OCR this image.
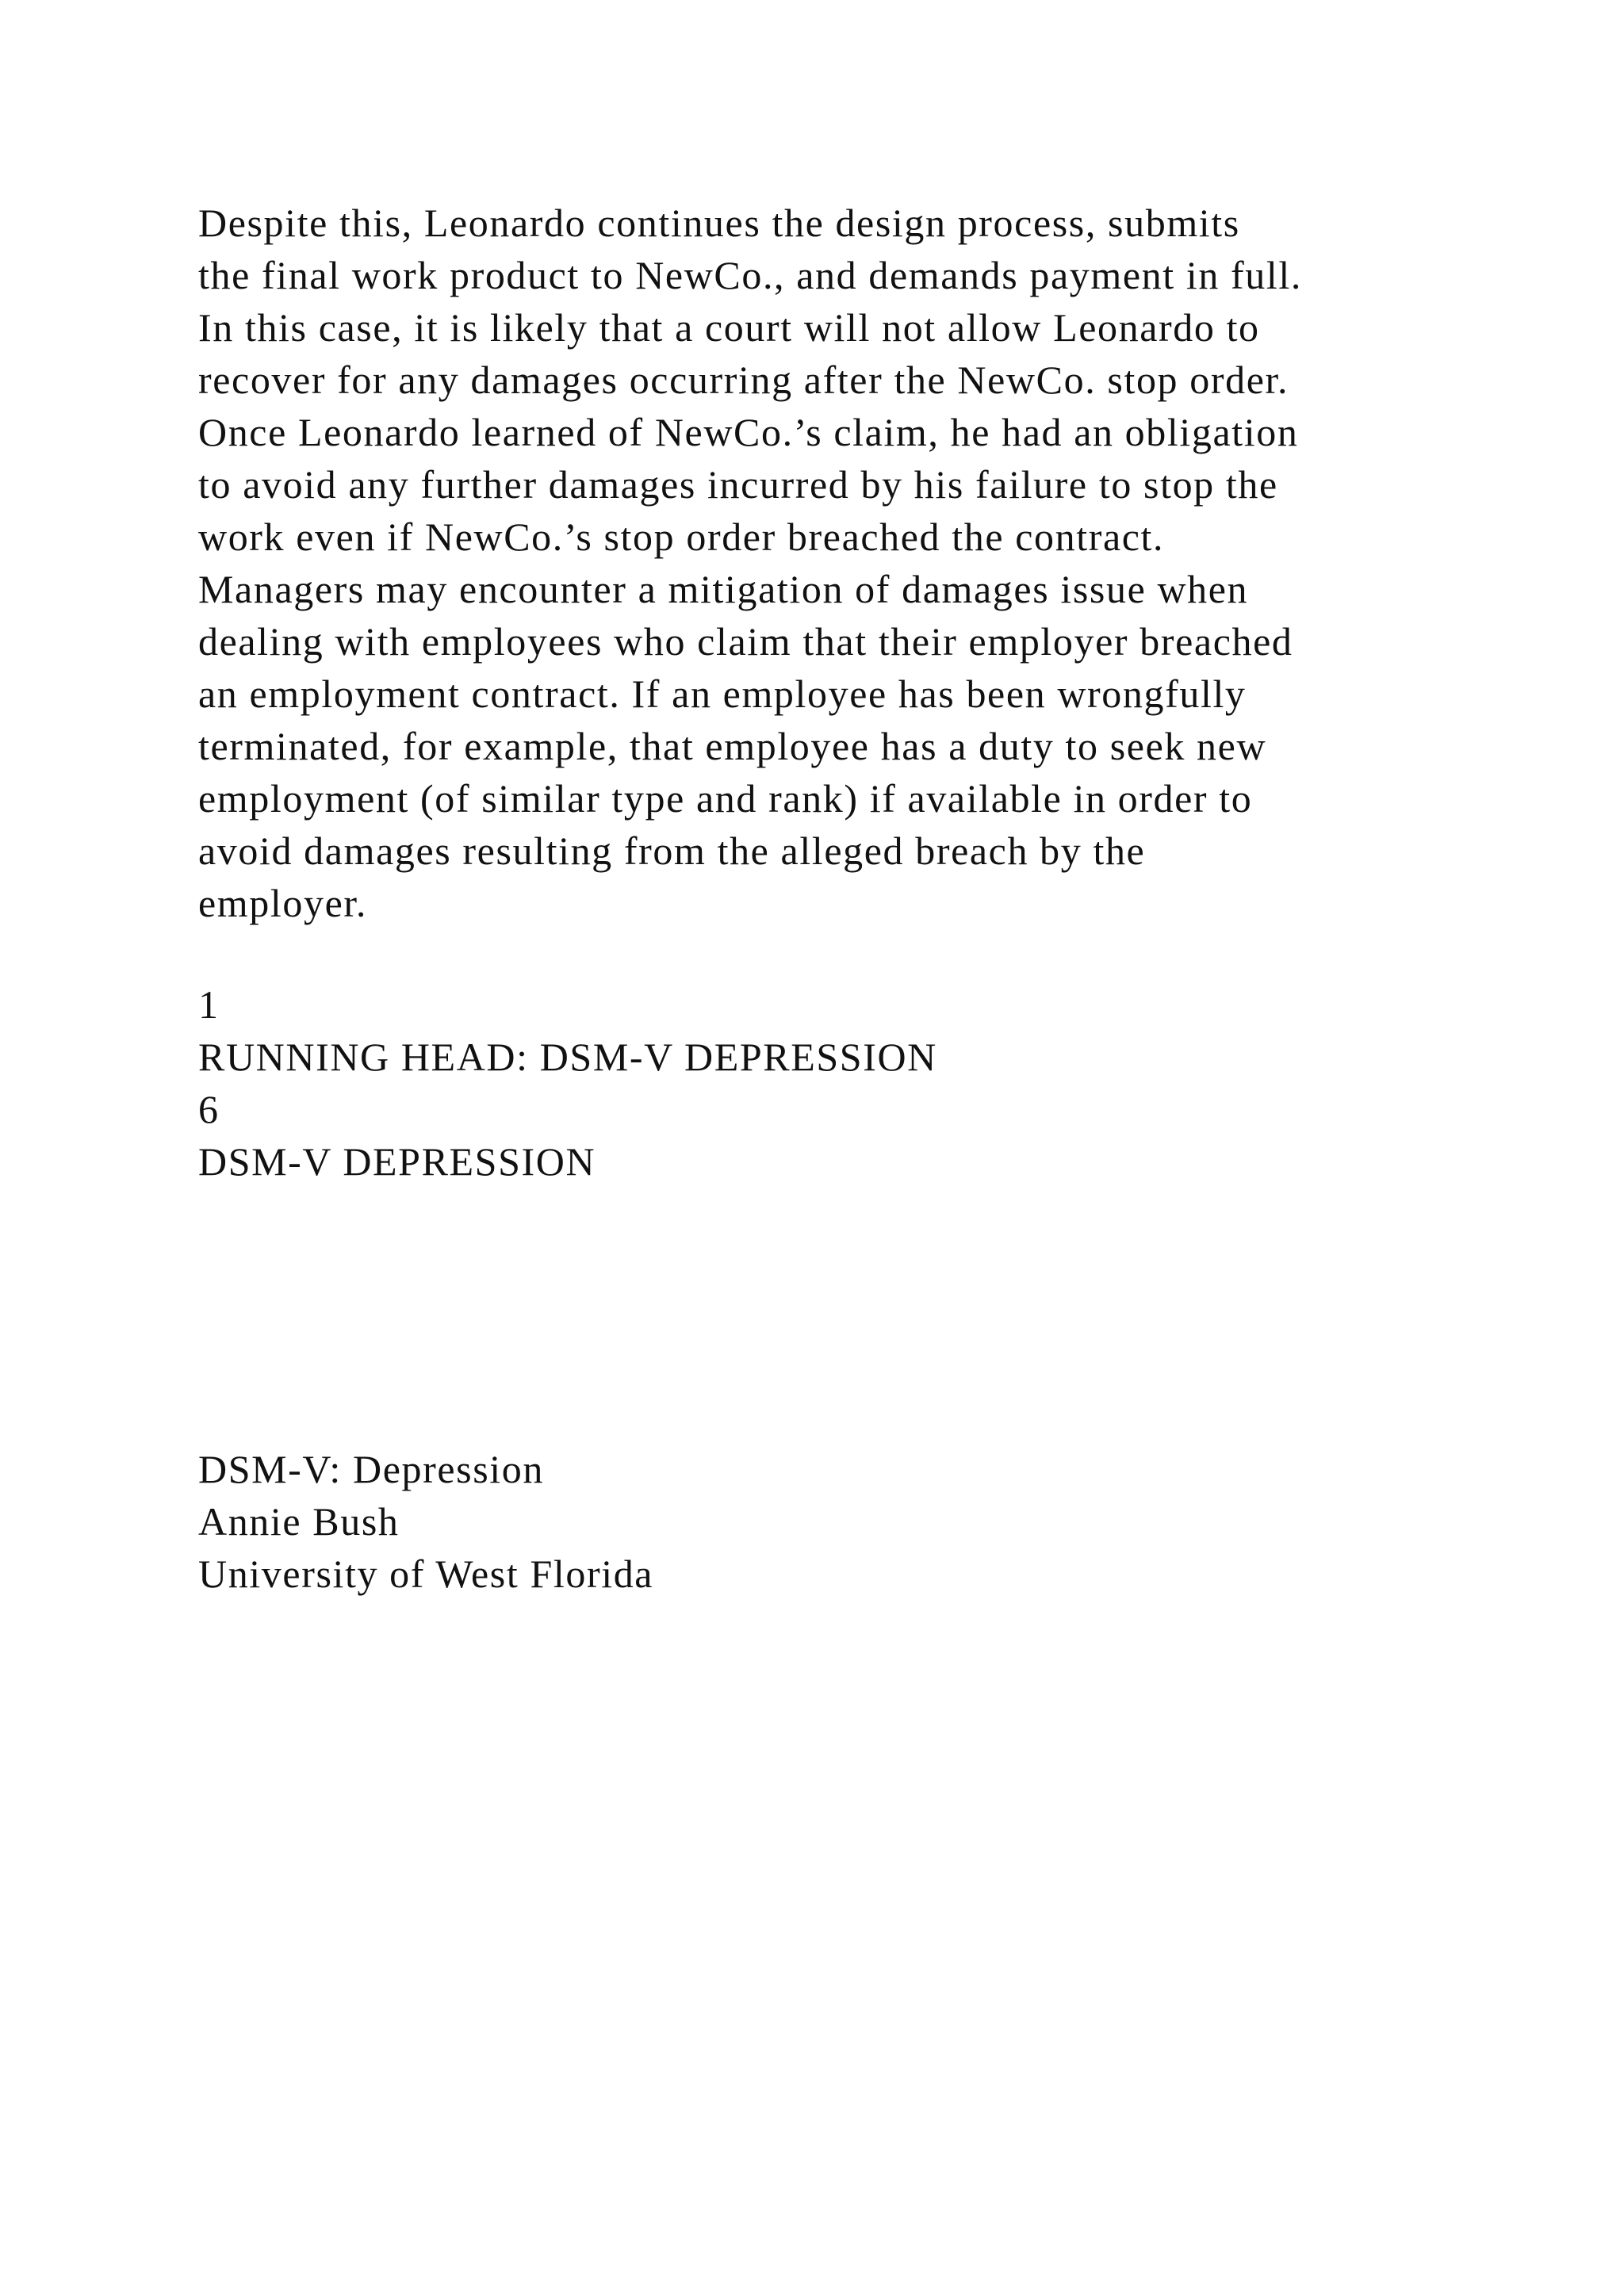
Despite this, Leonardo continues the design process, submits
the final work product to NewCo., and demands payment in full.
In this case, it is likely that a court will not allow Leonardo to
recover for any damages occurring after the NewCo. stop order.
Once Leonardo learned of NewCo.’s claim, he had an obligation
to avoid any further damages incurred by his failure to stop the
work even if NewCo.’s stop order breached the contract.
Managers may encounter a mitigation of damages issue when
dealing with employees who claim that their employer breached
an employment contract. If an employee has been wrongfully
terminated, for example, that employee has a duty to seek new
employment (of similar type and rank) if available in order to
avoid damages resulting from the alleged breach by the
employer.
1
RUNNING HEAD: DSM-V DEPRESSION
6
DSM-V DEPRESSION
DSM-V: Depression
Annie Bush
University of West Florida
